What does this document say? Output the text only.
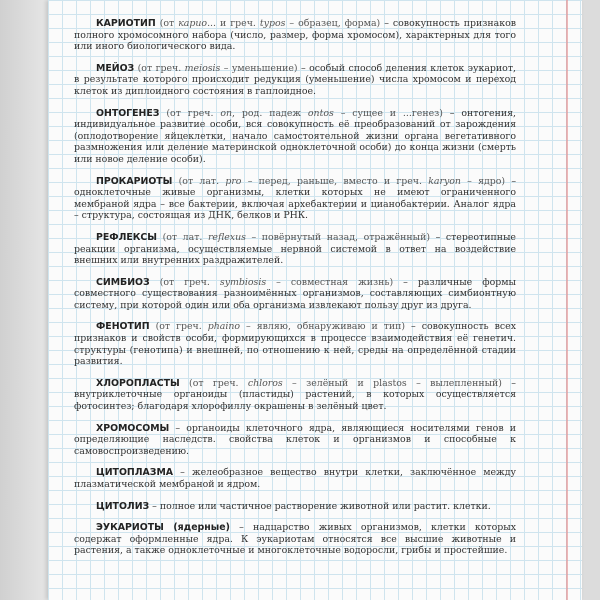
КАРИОТИП (от карио... и греч. typos – образец, форма) – совокупность признаков полного хромосомного набора (число, размер, форма хромосом), характерных для того или иного биологического вида.

МЕЙОЗ (от греч. meiosis – уменьшение) – особый способ деления клеток эукариот, в результате которого происходит редукция (уменьшение) числа хромосом и переход клеток из диплоидного состояния в гаплоидное.

ОНТОГЕНЕЗ (от греч. on, род. падеж ontos – сущее и ...генез) – онтогения, индивидуальное развитие особи, вся совокупность её преобразований от зарождения (оплодотворение яйцеклетки, начало самостоятельной жизни органа вегетативного размножения или деление материнской одноклеточной особи) до конца жизни (смерть или новое деление особи).

ПРОКАРИОТЫ (от лат. pro – перед, раньше, вместо и греч. karyon – ядро) – одноклеточные живые организмы, клетки которых не имеют ограниченного мембраной ядра – все бактерии, включая архебактерии и цианобактерии. Аналог ядра – структура, состоящая из ДНК, белков и РНК.

РЕФЛЕКСЫ (от лат. reflexus – повёрнутый назад, отражённый) – стереотипные реакции организма, осуществляемые нервной системой в ответ на воздействие внешних или внутренних раздражителей.

СИМБИОЗ (от греч. symbiosis – совместная жизнь) – различные формы совместного существования разноимённых организмов, составляющих симбионтную систему, при которой один или оба организма извлекают пользу друг из друга.

ФЕНОТИП (от греч. phaino – являю, обнаруживаю и тип) – совокупность всех признаков и свойств особи, формирующихся в процессе взаимодействия её генетич. структуры (генотипа) и внешней, по отношению к ней, среды на определённой стадии развития.

ХЛОРОПЛАСТЫ (от греч. chloros – зелёный и plastos – вылепленный) – внутриклеточные органоиды (пластиды) растений, в которых осуществляется фотосинтез; благодаря хлорофиллу окрашены в зелёный цвет.

ХРОМОСОМЫ – органоиды клеточного ядра, являющиеся носителями генов и определяющие наследств. свойства клеток и организмов и способные к самовоспроизведению.

ЦИТОПЛАЗМА – желеобразное вещество внутри клетки, заключённое между плазматической мембраной и ядром.

ЦИТОЛИЗ – полное или частичное растворение животной или растит. клетки.

ЭУКАРИОТЫ (ядерные) – надцарство живых организмов, клетки которых содержат оформленные ядра. К эукариотам относятся все высшие животные и растения, а также одноклеточные и многоклеточные водоросли, грибы и простейшие.
